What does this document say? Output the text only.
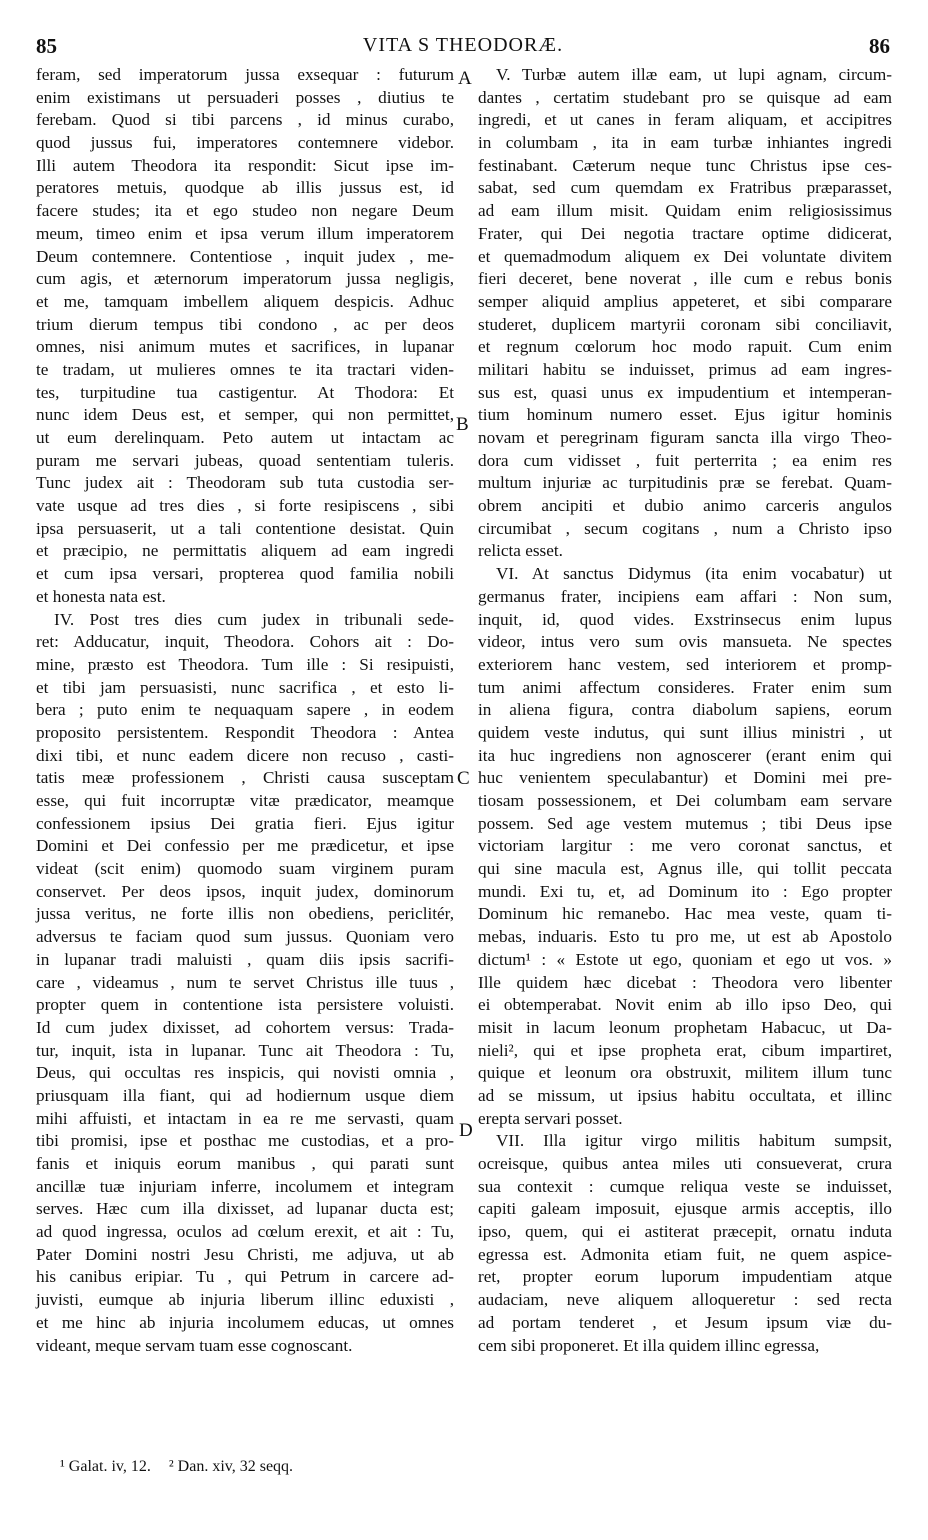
VITA S THEODORÆ.
85	86
feram, sed imperatorum jussa exsequar : futurum
enim existimans ut persuaderi posses , diutius te
ferebam. Quod si tibi parcens , id minus curabo,
quod jussus fui, imperatores contemnere videbor.
Illi autem Theodora ita respondit: Sicut ipse im-
peratores metuis, quodque ab illis jussus est, id
facere studes; ita et ego studeo non negare Deum
meum, timeo enim et ipsa verum illum imperatorem
Deum contemnere. Contentiose , inquit judex , me-
cum agis, et æternorum imperatorum jussa negligis,
et me, tamquam imbellem aliquem despicis. Adhuc
trium dierum tempus tibi condono , ac per deos
omnes, nisi animum mutes et sacrifices, in lupanar
te tradam, ut mulieres omnes te ita tractari viden-
tes, turpitudine tua castigentur. At Thodora: Et
nunc idem Deus est, et semper, qui non permittet,
ut eum derelinquam. Peto autem ut intactam ac
puram me servari jubeas, quoad sententiam tuleris.
Tunc judex ait : Theodoram sub tuta custodia ser-
vate usque ad tres dies , si forte resipiscens , sibi
ipsa persuaserit, ut a tali contentione desistat. Quin
et præcipio, ne permittatis aliquem ad eam ingredi
et cum ipsa versari, propterea quod familia nobili
et honesta nata est.
IV. Post tres dies cum judex in tribunali sede-
ret: Adducatur, inquit, Theodora. Cohors ait : Do-
mine, præsto est Theodora. Tum ille : Si resipuisti,
et tibi jam persuasisti, nunc sacrifica , et esto li-
bera ; puto enim te nequaquam sapere , in eodem
proposito persistentem. Respondit Theodora : Antea
dixi tibi, et nunc eadem dicere non recuso , casti-
tatis meæ professionem , Christi causa susceptam
esse, qui fuit incorruptæ vitæ prædicator, meamque
confessionem ipsius Dei gratia fieri. Ejus igitur
Domini et Dei confessio per me prædicetur, et ipse
videat (scit enim) quomodo suam virginem puram
conservet. Per deos ipsos, inquit judex, dominorum
jussa veritus, ne forte illis non obediens, periclitér,
adversus te faciam quod sum jussus. Quoniam vero
in lupanar tradi maluisti , quam diis ipsis sacrifi-
care , videamus , num te servet Christus ille tuus ,
propter quem in contentione ista persistere voluisti.
Id cum judex dixisset, ad cohortem versus: Trada-
tur, inquit, ista in lupanar. Tunc ait Theodora : Tu,
Deus, qui occultas res inspicis, qui novisti omnia ,
priusquam illa fiant, qui ad hodiernum usque diem
mihi affuisti, et intactam in ea re me servasti, quam
tibi promisi, ipse et posthac me custodias, et a pro-
fanis et iniquis eorum manibus , qui parati sunt
ancillæ tuæ injuriam inferre, incolumem et integram
serves. Hæc cum illa dixisset, ad lupanar ducta est;
ad quod ingressa, oculos ad cœlum erexit, et ait : Tu,
Pater Domini nostri Jesu Christi, me adjuva, ut ab
his canibus eripiar. Tu , qui Petrum in carcere ad-
juvisti, eumque ab injuria liberum illinc eduxisti ,
et me hinc ab injuria incolumem educas, ut omnes
videant, meque servam tuam esse cognoscant.
V. Turbæ autem illæ eam, ut lupi agnam, circum-
dantes , certatim studebant pro se quisque ad eam
ingredi, et ut canes in feram aliquam, et accipitres
in columbam , ita in eam turbæ inhiantes ingredi
festinabant. Cæterum neque tunc Christus ipse ces-
sabat, sed cum quemdam ex Fratribus præparasset,
ad eam illum misit. Quidam enim religiosissimus
Frater, qui Dei negotia tractare optime didicerat,
et quemadmodum aliquem ex Dei voluntate divitem
fieri deceret, bene noverat , ille cum e rebus bonis
semper aliquid amplius appeteret, et sibi comparare
studeret, duplicem martyrii coronam sibi conciliavit,
et regnum cœlorum hoc modo rapuit. Cum enim
militari habitu se induisset, primus ad eam ingres-
sus est, quasi unus ex impudentium et intemperan-
tium hominum numero esset. Ejus igitur hominis
novam et peregrinam figuram sancta illa virgo Theo-
dora cum vidisset , fuit perterrita ; ea enim res
multum injuriæ ac turpitudinis præ se ferebat. Quam-
obrem ancipiti et dubio animo carceris angulos
circumibat , secum cogitans , num a Christo ipso
relicta esset.
VI. At sanctus Didymus (ita enim vocabatur) ut
germanus frater, incipiens eam affari : Non sum,
inquit, id, quod vides. Exstrinsecus enim lupus
videor, intus vero sum ovis mansueta. Ne spectes
exteriorem hanc vestem, sed interiorem et promp-
tum animi affectum consideres. Frater enim sum
in aliena figura, contra diabolum sapiens, eorum
quidem veste indutus, qui sunt illius ministri , ut
ita huc ingrediens non agnoscerer (erant enim qui
huc venientem speculabantur) et Domini mei pre-
tiosam possessionem, et Dei columbam eam servare
possem. Sed age vestem mutemus ; tibi Deus ipse
victoriam largitur : me vero coronat sanctus, et
qui sine macula est, Agnus ille, qui tollit peccata
mundi. Exi tu, et, ad Dominum ito : Ego propter
Dominum hic remanebo. Hac mea veste, quam ti-
mebas, induaris. Esto tu pro me, ut est ab Apostolo
dictum¹ : « Estote ut ego, quoniam et ego ut vos. »
Ille quidem hæc dicebat : Theodora vero libenter
ei obtemperabat. Novit enim ab illo ipso Deo, qui
misit in lacum leonum prophetam Habacuc, ut Da-
nieli², qui et ipse propheta erat, cibum impartiret,
quique et leonum ora obstruxit, militem illum tunc
ad se missum, ut ipsius habitu occultata, et illinc
erepta servari posset.
VII. Illa igitur virgo militis habitum sumpsit,
ocreisque, quibus antea miles uti consueverat, crura
sua contexit : cumque reliqua veste se induisset,
capiti galeam imposuit, ejusque armis acceptis, illo
ipso, quem, qui ei astiterat præcepit, ornatu induta
egressa est. Admonita etiam fuit, ne quem aspice-
ret, propter eorum luporum impudentiam atque
audaciam, neve aliquem alloqueretur : sed recta
ad portam tenderet , et Jesum ipsum viæ du-
cem sibi proponeret. Et illa quidem illinc egressa,
A
B
C
D
¹ Galat. iv, 12. ² Dan. xiv, 32 seqq.
